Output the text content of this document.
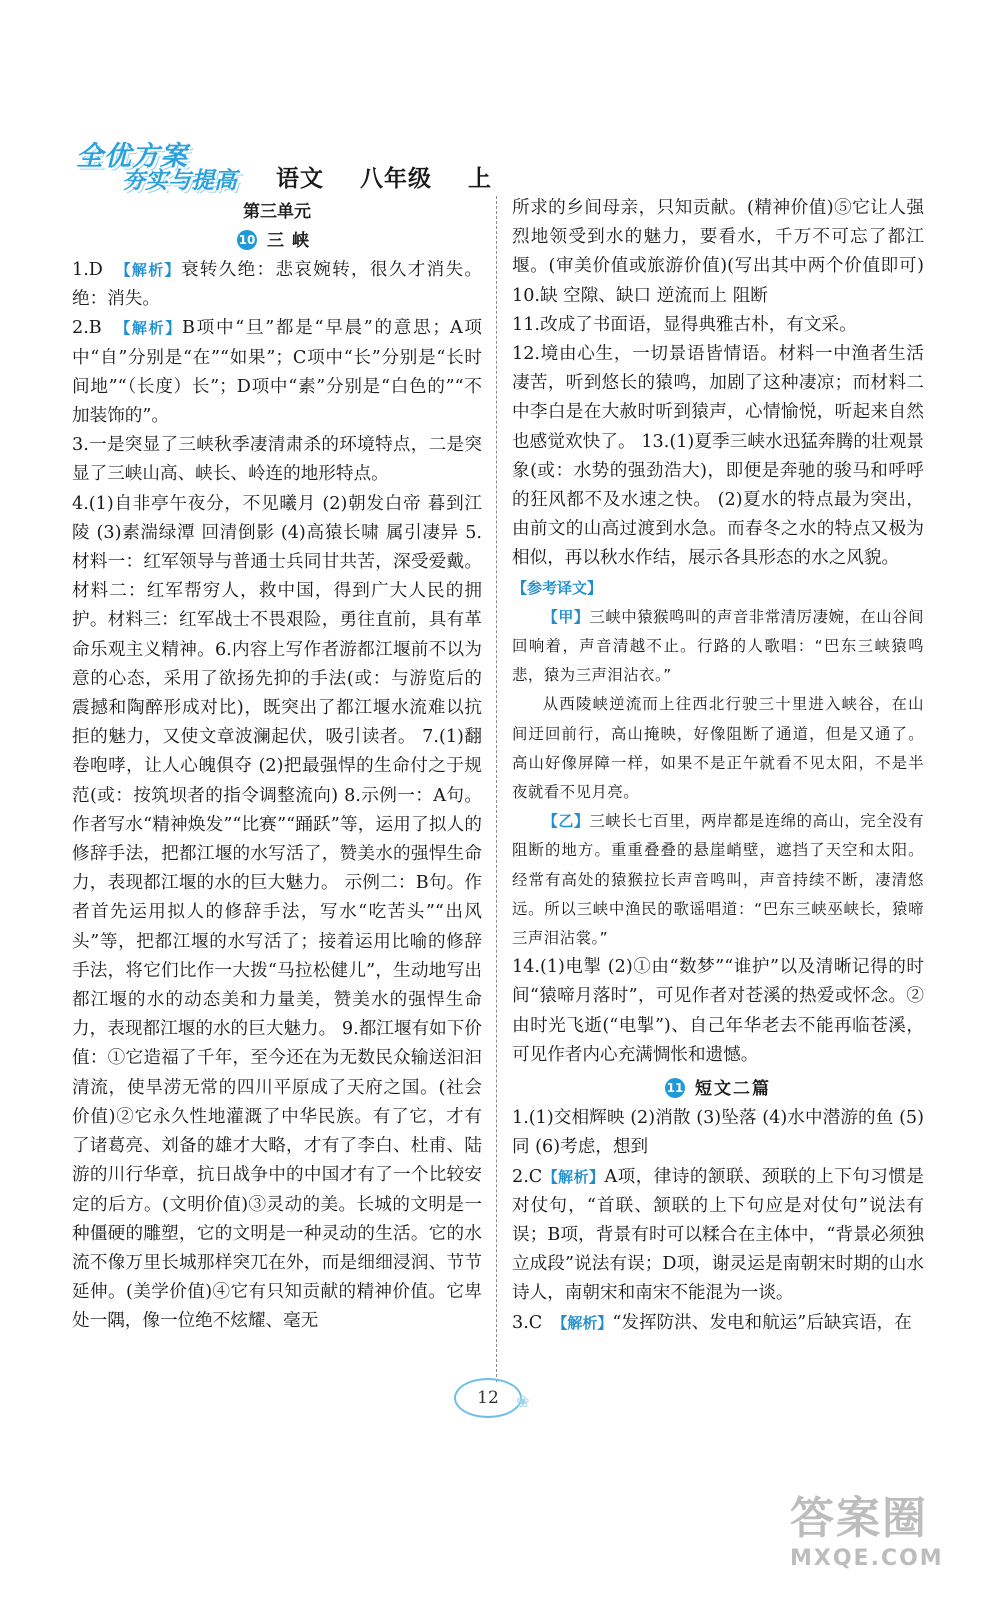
全优方案
夯实与提高 语文    八年级    上

第三单元

10 三峡

1.D　 【解析】衰转久绝：悲哀婉转，很久才消失。绝：消失。

2.B　 【解析】B项中“旦”都是“早晨”的意思；A项中“自”分别是“在”“如果”；C项中“长”分别是“长时间地”“（长度）长”；D项中“素”分别是“白色的”“不加装饰的”。

3.一是突显了三峡秋季凄清肃杀的环境特点，二是突显了三峡山高、峡长、岭连的地形特点。

4.(1)自非亭午夜分，不见曦月 (2)朝发白帝 暮到江陵 (3)素湍绿潭 回清倒影 (4)高猿长啸 属引凄异 5.材料一：红军领导与普通士兵同甘共苦，深受爱戴。材料二：红军帮穷人，救中国，得到广大人民的拥护。材料三：红军战士不畏艰险，勇往直前，具有革命乐观主义精神。6.内容上写作者游都江堰前不以为意的心态，采用了欲扬先抑的手法(或：与游览后的震撼和陶醉形成对比)，既突出了都江堰水流难以抗拒的魅力，又使文章波澜起伏，吸引读者。 7.(1)翻卷咆哮，让人心魄俱夺 (2)把最强悍的生命付之于规范(或：按筑坝者的指令调整流向) 8.示例一：A句。作者写水“精神焕发”“比赛”“踊跃”等，运用了拟人的修辞手法，把都江堰的水写活了，赞美水的强悍生命力，表现都江堰的水的巨大魅力。 示例二：B句。作者首先运用拟人的修辞手法，写水“吃苦头”“出风头”等，把都江堰的水写活了；接着运用比喻的修辞手法，将它们比作一大拨“马拉松健儿”，生动地写出都江堰的水的动态美和力量美，赞美水的强悍生命力，表现都江堰的水的巨大魅力。 9.都江堰有如下价值：①它造福了千年，至今还在为无数民众输送汩汩清流，使旱涝无常的四川平原成了天府之国。(社会价值)②它永久性地灌溉了中华民族。有了它，才有了诸葛亮、刘备的雄才大略，才有了李白、杜甫、陆游的川行华章，抗日战争中的中国才有了一个比较安定的后方。(文明价值)③灵动的美。长城的文明是一种僵硬的雕塑，它的文明是一种灵动的生活。它的水流不像万里长城那样突兀在外，而是细细浸润、节节延伸。(美学价值)④它有只知贡献的精神价值。它卑处一隅，像一位绝不炫耀、毫无

所求的乡间母亲，只知贡献。(精神价值)⑤它让人强烈地领受到水的魅力，要看水，千万不可忘了都江堰。(审美价值或旅游价值)(写出其中两个价值即可) 10.缺 空隙、缺口 逆流而上 阻断

11.改成了书面语，显得典雅古朴，有文采。

12.境由心生，一切景语皆情语。材料一中渔者生活凄苦，听到悠长的猿鸣，加剧了这种凄凉；而材料二中李白是在大赦时听到猿声，心情愉悦，听起来自然也感觉欢快了。 13.(1)夏季三峡水迅猛奔腾的壮观景象(或：水势的强劲浩大)，即便是奔驰的骏马和呼呼的狂风都不及水速之快。 (2)夏水的特点最为突出，由前文的山高过渡到水急。而春冬之水的特点又极为相似，再以秋水作结，展示各具形态的水之风貌。

【参考译文】

【甲】三峡中猿猴鸣叫的声音非常清厉凄婉，在山谷间回响着，声音清越不止。行路的人歌唱：“巴东三峡猿鸣悲，猿为三声泪沾衣。”

从西陵峡逆流而上往西北行驶三十里进入峡谷，在山间迂回前行，高山掩映，好像阻断了通道，但是又通了。高山好像屏障一样，如果不是正午就看不见太阳，不是半夜就看不见月亮。

【乙】三峡长七百里，两岸都是连绵的高山，完全没有阻断的地方。重重叠叠的悬崖峭壁，遮挡了天空和太阳。经常有高处的猿猴拉长声音鸣叫，声音持续不断，凄清悠远。所以三峡中渔民的歌谣唱道：“巴东三峡巫峡长，猿啼三声泪沾裳。”

14.(1)电掣 (2)①由“数梦”“谁护”以及清晰记得的时间“猿啼月落时”，可见作者对苍溪的热爱或怀念。②由时光飞逝(“电掣”)、自己年华老去不能再临苍溪，可见作者内心充满惆怅和遗憾。

11 短文二篇

1.(1)交相辉映 (2)消散 (3)坠落 (4)水中潜游的鱼 (5)同 (6)考虑，想到

2.C【解析】A项，律诗的颔联、颈联的上下句习惯是对仗句，“首联、颔联的上下句应是对仗句”说法有误；B项，背景有时可以糅合在主体中，“背景必须独立成段”说法有误；D项，谢灵运是南朝宋时期的山水诗人，南朝宋和南宋不能混为一谈。

3.C　 【解析】“发挥防洪、发电和航运”后缺宾语，在

12	❀
答案圈
MXQE.COM
